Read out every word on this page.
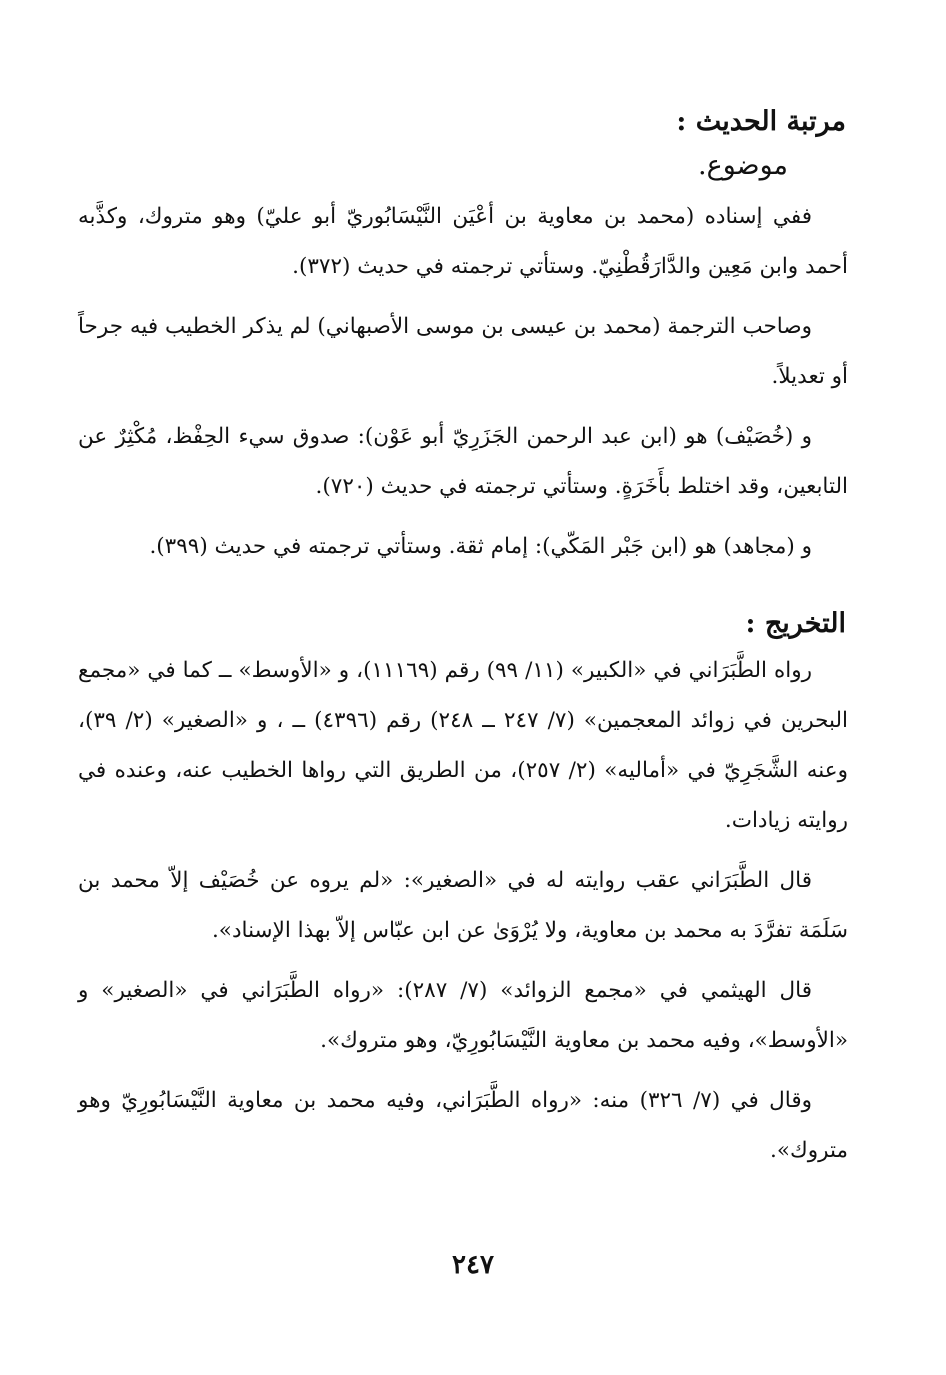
مرتبة الحديث :

موضوع.

ففي إسناده (محمد بن معاوية بن أعْيَن النَّيْسَابُوريّ أبو عليّ) وهو متروك، وكذَّبه أحمد وابن مَعِين والدَّارَقُطْنِيّ. وستأتي ترجمته في حديث (٣٧٢).

وصاحب الترجمة (محمد بن عيسى بن موسى الأصبهاني) لم يذكر الخطيب فيه جرحاً أو تعديلاً.

و (خُصَيْف) هو (ابن عبد الرحمن الجَزَرِيّ أبو عَوْن): صدوق سيء الحِفْظ، مُكْثِرٌ عن التابعين، وقد اختلط بأَخَرَةٍ. وستأتي ترجمته في حديث (٧٢٠).

و (مجاهد) هو (ابن جَبْر المَكّي): إمام ثقة. وستأتي ترجمته في حديث (٣٩٩).

التخريج :

رواه الطَّبَرَاني في «الكبير» (١١/ ٩٩) رقم (١١١٦٩)، و «الأوسط» ــ كما في «مجمع البحرين في زوائد المعجمين» (٧/ ٢٤٧ ــ ٢٤٨) رقم (٤٣٩٦) ــ ، و «الصغير» (٢/ ٣٩)، وعنه الشَّجَرِيّ في «أماليه» (٢/ ٢٥٧)، من الطريق التي رواها الخطيب عنه، وعنده في روايته زيادات.

قال الطَّبَرَاني عقب روايته له في «الصغير»: «لم يروه عن خُصَيْف إلاّ محمد بن سَلَمَة تفرَّدَ به محمد بن معاوية، ولا يُرْوَىٰ عن ابن عبّاس إلاّ بهذا الإسناد».

قال الهيثمي في «مجمع الزوائد» (٧/ ٢٨٧): «رواه الطَّبَرَاني في «الصغير» و «الأوسط»، وفيه محمد بن معاوية النَّيْسَابُورِيّ، وهو متروك».

وقال في (٧/ ٣٢٦) منه: «رواه الطَّبَرَاني، وفيه محمد بن معاوية النَّيْسَابُورِيّ وهو متروك».

٢٤٧
